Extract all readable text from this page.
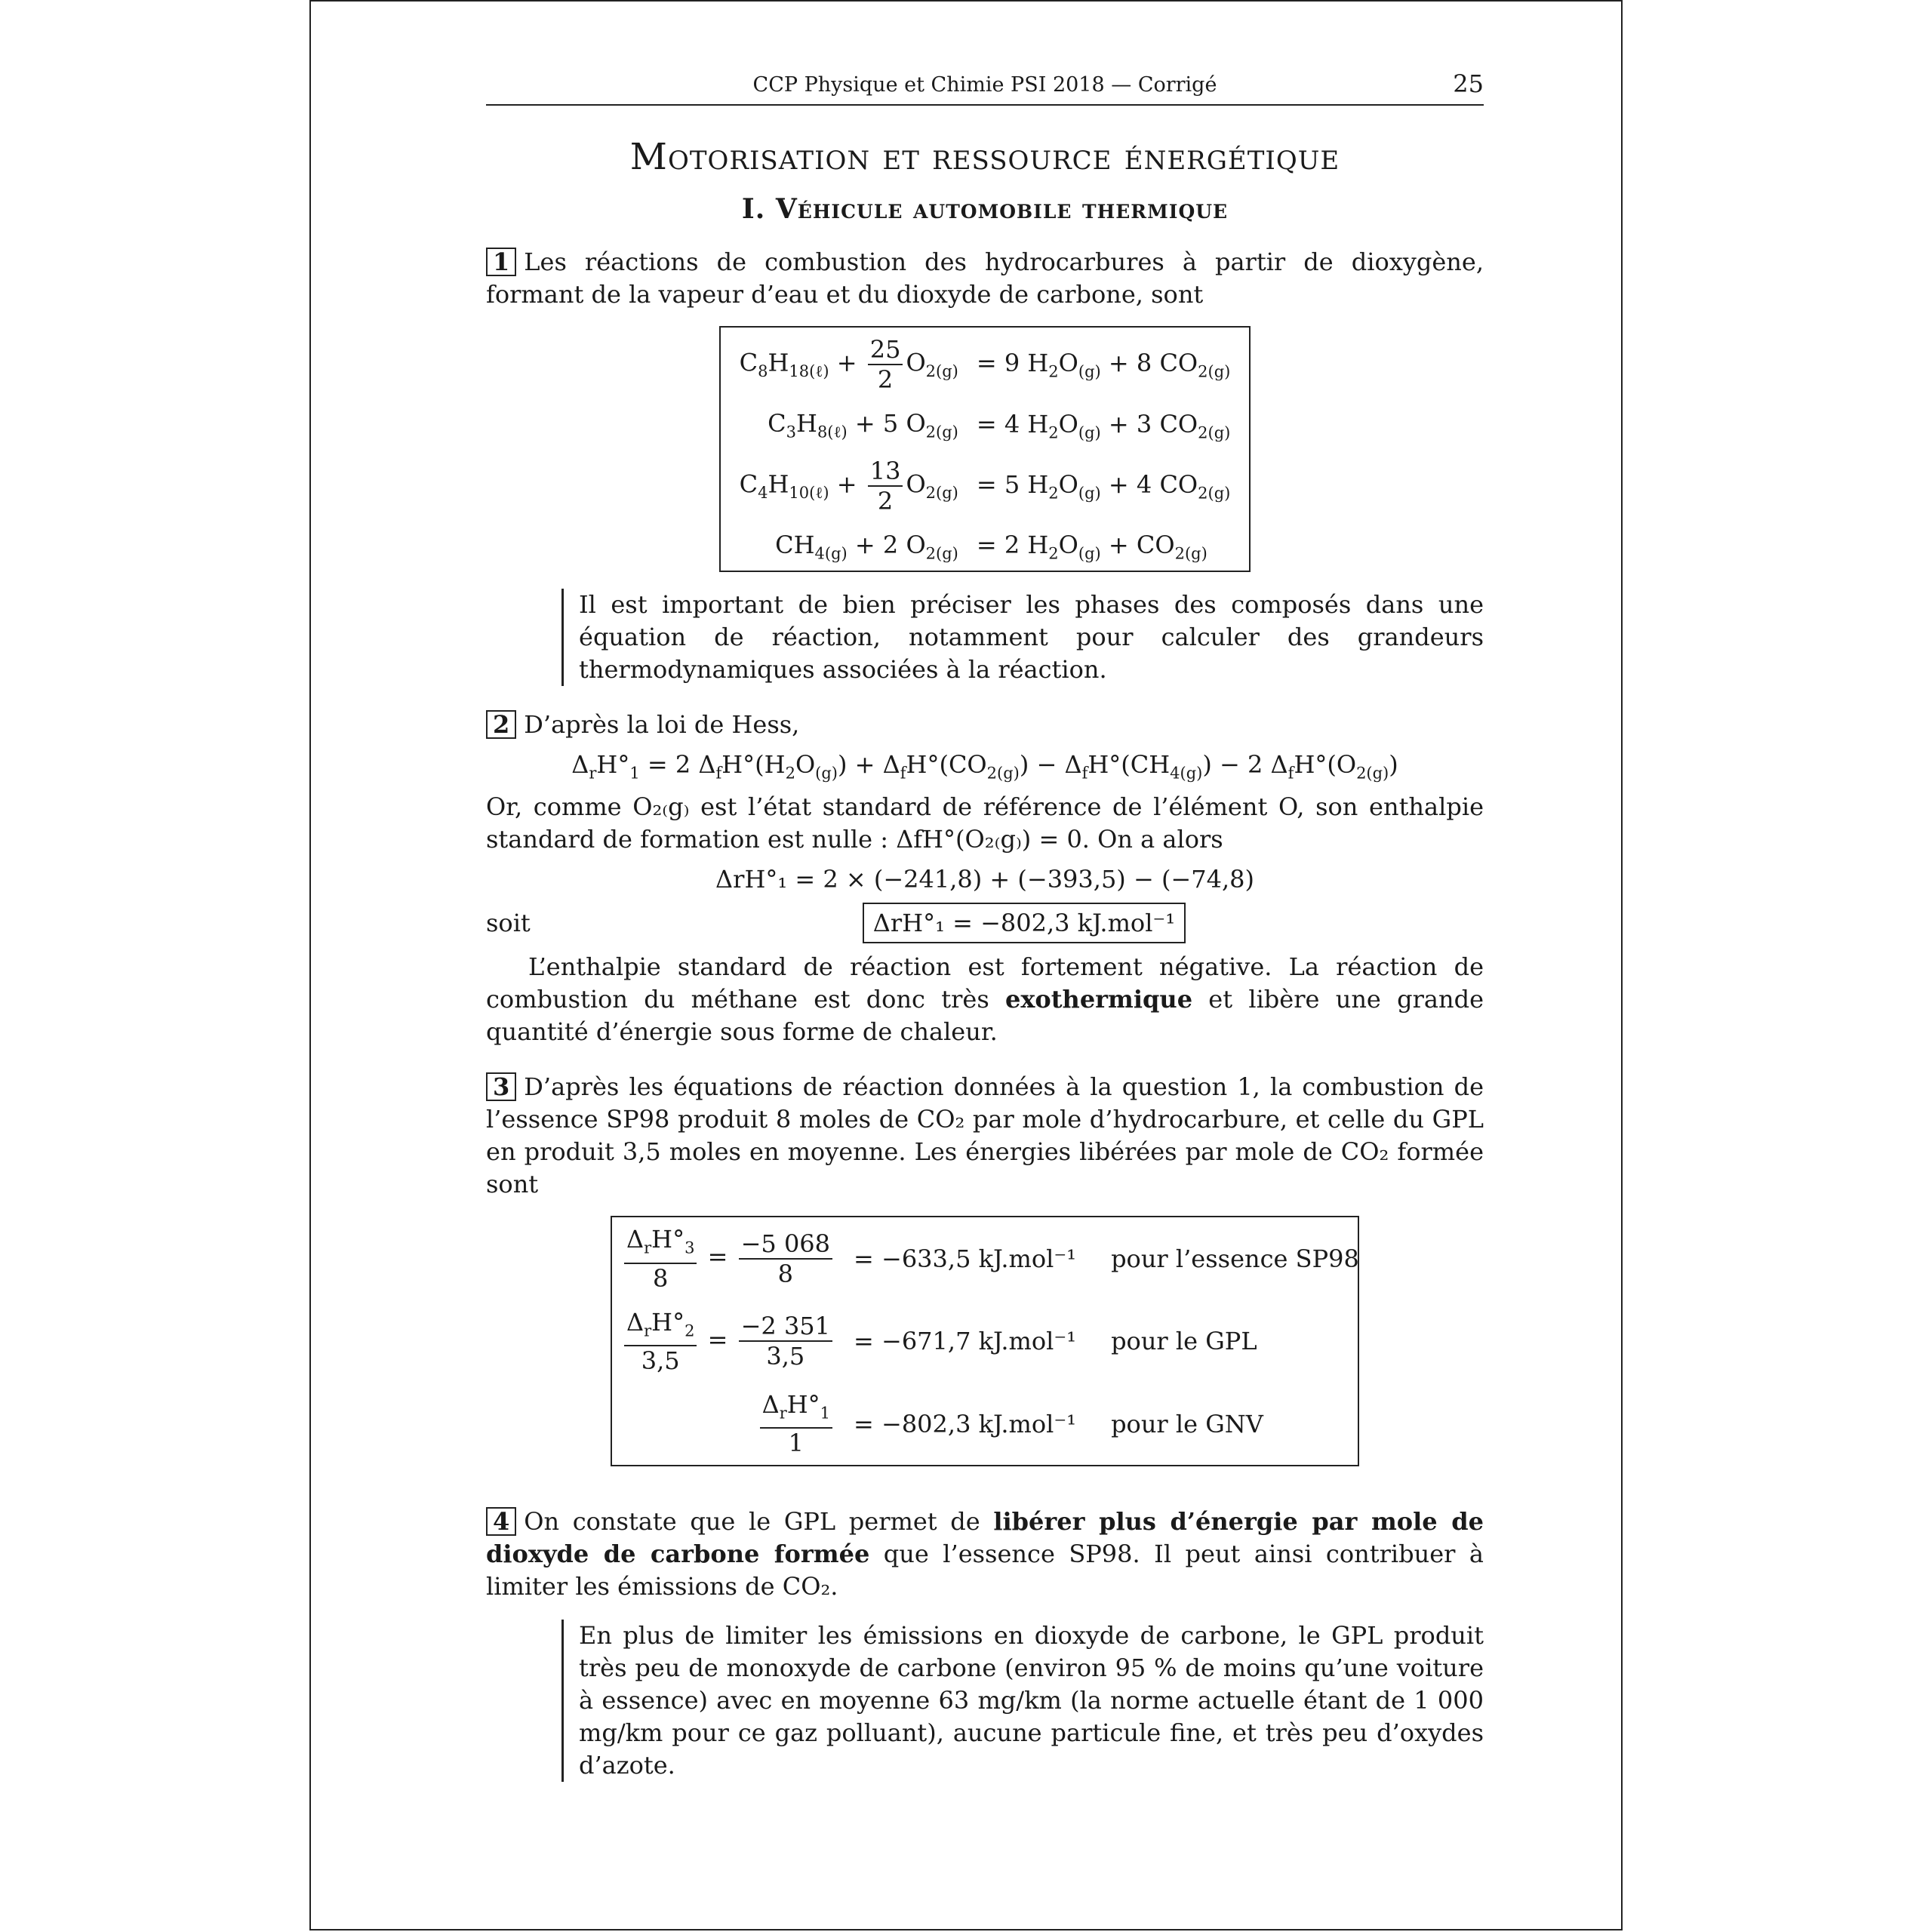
CCP Physique et Chimie PSI 2018 — Corrigé	25
Motorisation et ressource énergétique
I. Véhicule automobile thermique

1 Les réactions de combustion des hydrocarbures à partir de dioxygène, formant de la vapeur d’eau et du dioxyde de carbone, sont

$C_8H_{18(\ell)} + \frac{25}{2} O_{2(g)}$	= 9 $H_2O_{(g)} + 8$ $CO_{2(g)}$
$C_3H_{8(\ell)} + 5$ $O_{2(g)}$	= 4 $H_2O_{(g)} + 3$ $CO_{2(g)}$
$C_4H_{10(\ell)} + \frac{13}{2} O_{2(g)}$	= 5 $H_2O_{(g)} + 4$ $CO_{2(g)}$
$CH_{4(g)} + 2$ $O_{2(g)}$	= 2 $H_2O_{(g)} + CO_{2(g)}$

Il est important de bien préciser les phases des composés dans une équation de réaction, notamment pour calculer des grandeurs thermodynamiques associées à la réaction.

2 D’après la loi de Hess,

$\Delta_rH^\circ_1 = 2$ $\Delta_fH^\circ(H_2O_{(g)}) + \Delta_fH^\circ(CO_{2(g)}) - \Delta_fH^\circ(CH_{4(g)}) - 2$ $\Delta_fH^\circ(O_{2(g)})$

Or, comme O₂₍g₎ est l’état standard de référence de l’élément O, son enthalpie standard de formation est nulle : ΔfH°(O₂₍g₎) = 0. On a alors

ΔrH°₁ = 2 × (−241,8) + (−393,5) − (−74,8)
soit	ΔrH°₁ = −802,3 kJ.mol⁻¹

L’enthalpie standard de réaction est fortement négative. La réaction de combustion du méthane est donc très exothermique et libère une grande quantité d’énergie sous forme de chaleur.

3 D’après les équations de réaction données à la question 1, la combustion de l’essence SP98 produit 8 moles de CO₂ par mole d’hydrocarbure, et celle du GPL en produit 3,5 moles en moyenne. Les énergies libérées par mole de CO₂ formée sont

$\frac{\Delta_rH^\circ_3}{8} = \frac{-5 068}{8}$	= −633,5 kJ.mol⁻¹	pour l’essence SP98

$\frac{\Delta_rH^\circ_2}{3,5} = \frac{-2 351}{3,5}$	= −671,7 kJ.mol⁻¹	pour le GPL

$\frac{\Delta_rH^\circ_1}{1}$	= −802,3 kJ.mol⁻¹	pour le GNV

4 On constate que le GPL permet de libérer plus d’énergie par mole de dioxyde de carbone formée que l’essence SP98. Il peut ainsi contribuer à limiter les émissions de CO₂.

En plus de limiter les émissions en dioxyde de carbone, le GPL produit très peu de monoxyde de carbone (environ 95 % de moins qu’une voiture à essence) avec en moyenne 63 mg/km (la norme actuelle étant de 1 000 mg/km pour ce gaz polluant), aucune particule fine, et très peu d’oxydes d’azote.
